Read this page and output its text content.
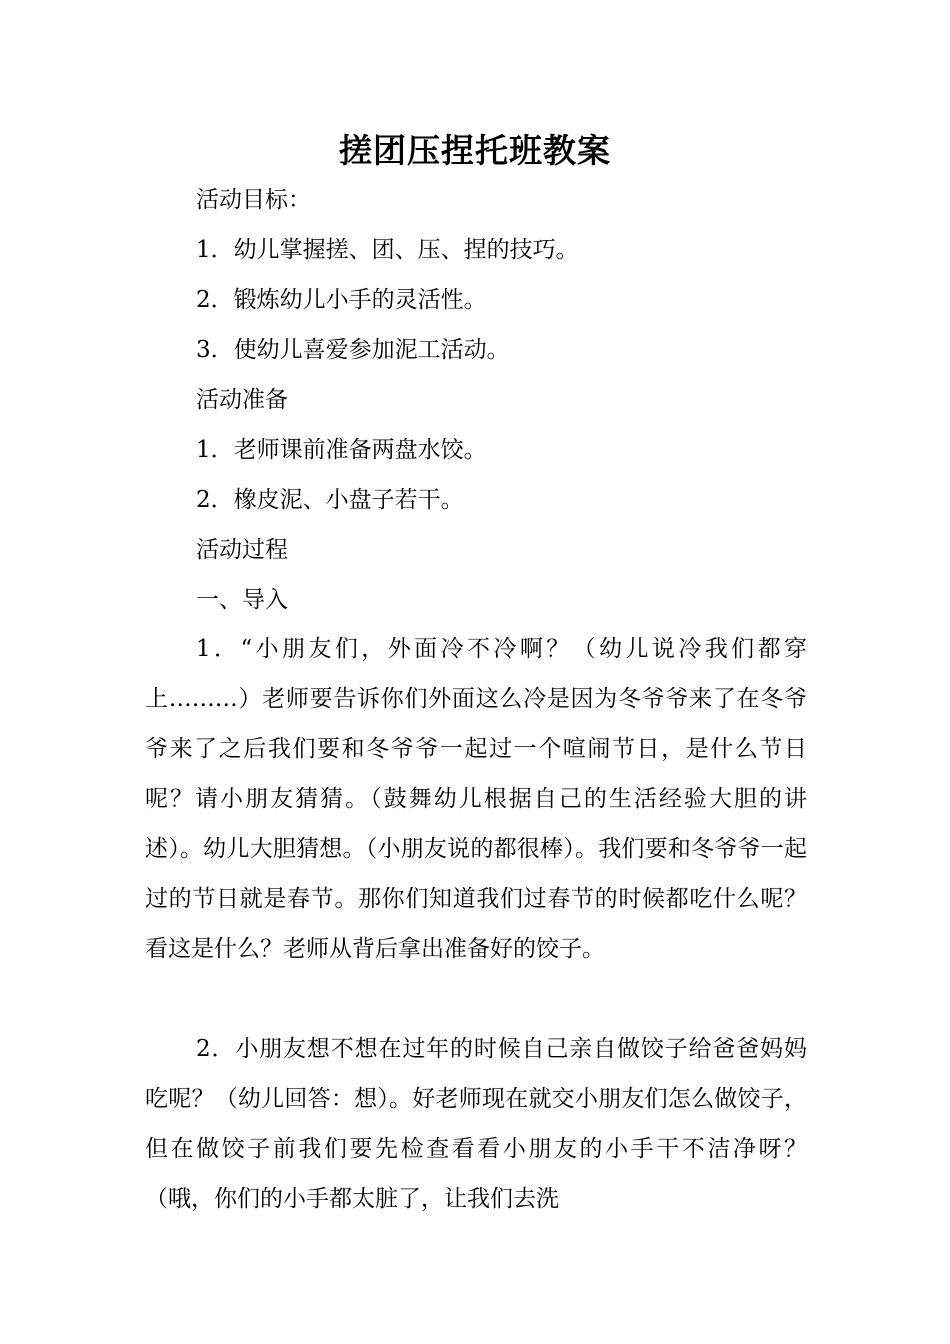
搓团压捏托班教案
活动目标：
1．幼儿掌握搓、团、压、捏的技巧。
2．锻炼幼儿小手的灵活性。
3．使幼儿喜爱参加泥工活动。
活动准备
1．老师课前准备两盘水饺。
2．橡皮泥、小盘子若干。
活动过程
一、导入
1．“小朋友们，外面冷不冷啊？（幼儿说冷我们都穿上………）老师要告诉你们外面这么冷是因为冬爷爷来了在冬爷爷来了之后我们要和冬爷爷一起过一个喧闹节日，是什么节日呢？请小朋友猜猜。（鼓舞幼儿根据自己的生活经验大胆的讲述）。幼儿大胆猜想。（小朋友说的都很棒）。我们要和冬爷爷一起过的节日就是春节。那你们知道我们过春节的时候都吃什么呢？看这是什么？老师从背后拿出准备好的饺子。
2．小朋友想不想在过年的时候自己亲自做饺子给爸爸妈妈吃呢？（幼儿回答：想）。好老师现在就交小朋友们怎么做饺子，但在做饺子前我们要先检查看看小朋友的小手干不洁净呀？（哦，你们的小手都太脏了，让我们去洗
